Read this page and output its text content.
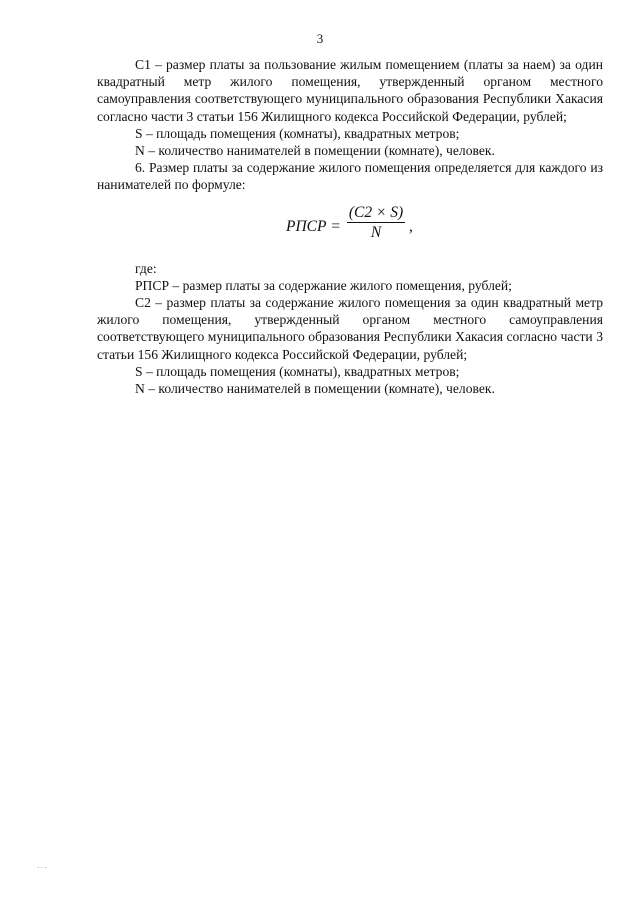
3

C1 – размер платы за пользование жилым помещением (платы за наем) за один квадратный метр жилого помещения, утвержденный органом местного самоуправления соответствующего муниципального образования Республики Хакасия согласно части 3 статьи 156 Жилищного кодекса Российской Федерации, рублей;

S – площадь помещения (комнаты), квадратных метров;

N – количество нанимателей в помещении (комнате), человек.

6. Размер платы за содержание жилого помещения определяется для каждого из нанимателей по формуле:

РПСР =
(C2 × S)
N	,

где:

РПСР – размер платы за содержание жилого помещения, рублей;

C2 – размер платы за содержание жилого помещения за один квадратный метр жилого помещения, утвержденный органом местного самоуправления соответствующего муниципального образования Республики Хакасия согласно части 3 статьи 156 Жилищного кодекса Российской Федерации, рублей;

S – площадь помещения (комнаты), квадратных метров;

N – количество нанимателей в помещении (комнате), человек.

...
